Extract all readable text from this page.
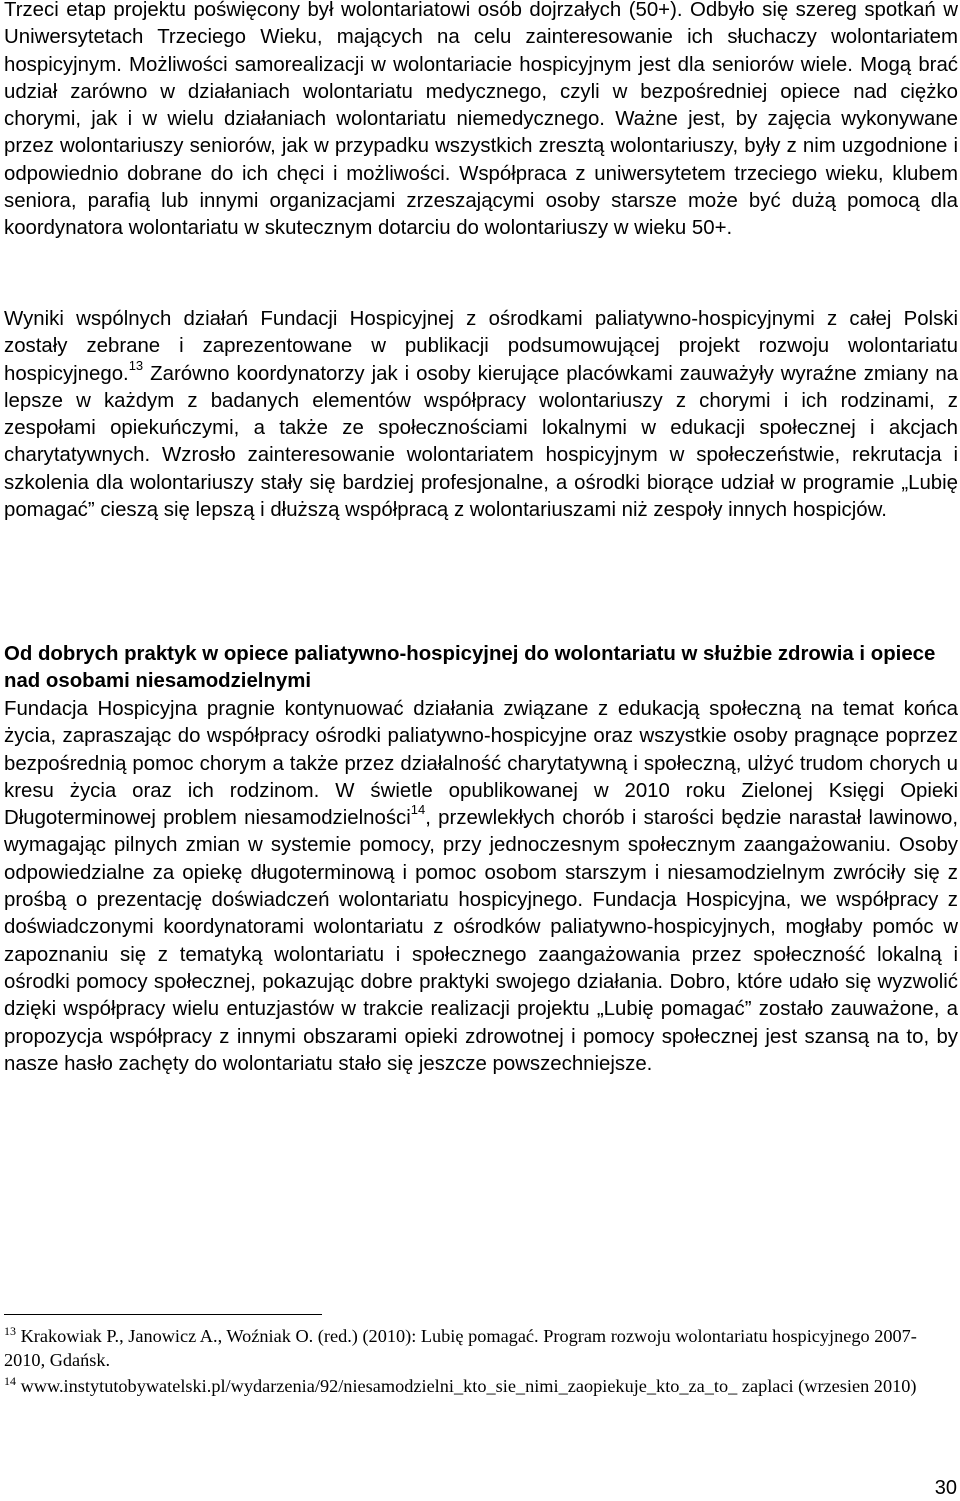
Trzeci etap projektu poświęcony był wolontariatowi osób dojrzałych (50+). Odbyło się szereg spotkań w Uniwersytetach Trzeciego Wieku, mających na celu zainteresowanie ich słuchaczy wolontariatem hospicyjnym. Możliwości samorealizacji w wolontariacie hospicyjnym jest dla seniorów wiele. Mogą brać udział zarówno w działaniach wolontariatu medycznego, czyli w bezpośredniej opiece nad ciężko chorymi, jak i w wielu działaniach wolontariatu niemedycznego. Ważne jest, by zajęcia wykonywane przez wolontariuszy seniorów, jak w przypadku wszystkich zresztą wolontariuszy, były z nim uzgodnione i odpowiednio dobrane do ich chęci i możliwości. Współpraca z uniwersytetem trzeciego wieku, klubem seniora, parafią lub innymi organizacjami zrzeszającymi osoby starsze może być dużą pomocą dla koordynatora wolontariatu w skutecznym dotarciu do wolontariuszy w wieku 50+.

Wyniki wspólnych działań Fundacji Hospicyjnej z ośrodkami paliatywno-hospicyjnymi z całej Polski zostały zebrane i zaprezentowane w publikacji podsumowującej projekt rozwoju wolontariatu hospicyjnego.$^{13}$ Zarówno koordynatorzy jak i osoby kierujące placówkami zauważyły wyraźne zmiany na lepsze w każdym z badanych elementów współpracy wolontariuszy z chorymi i ich rodzinami, z zespołami opiekuńczymi, a także ze społecznościami lokalnymi w edukacji społecznej i akcjach charytatywnych. Wzrosło zainteresowanie wolontariatem hospicyjnym w społeczeństwie, rekrutacja i szkolenia dla wolontariuszy stały się bardziej profesjonalne, a ośrodki biorące udział w programie „Lubię pomagać” cieszą się lepszą i dłuższą współpracą z wolontariuszami niż zespoły innych hospicjów.

Od dobrych praktyk w opiece paliatywno-hospicyjnej do wolontariatu w służbie zdrowia i opiece nad osobami niesamodzielnymi

Fundacja Hospicyjna pragnie kontynuować działania związane z edukacją społeczną na temat końca życia, zapraszając do współpracy ośrodki paliatywno-hospicyjne oraz wszystkie osoby pragnące poprzez bezpośrednią pomoc chorym a także przez działalność charytatywną i społeczną, ulżyć trudom chorych u kresu życia oraz ich rodzinom. W świetle opublikowanej w 2010 roku Zielonej Księgi Opieki Długoterminowej problem niesamodzielności$^{14}$, przewlekłych chorób i starości będzie narastał lawinowo, wymagając pilnych zmian w systemie pomocy, przy jednoczesnym społecznym zaangażowaniu. Osoby odpowiedzialne za opiekę długoterminową i pomoc osobom starszym i niesamodzielnym zwróciły się z prośbą o prezentację doświadczeń wolontariatu hospicyjnego. Fundacja Hospicyjna, we współpracy z doświadczonymi koordynatorami wolontariatu z ośrodków paliatywno-hospicyjnych, mogłaby pomóc w zapoznaniu się z tematyką wolontariatu i społecznego zaangażowania przez społeczność lokalną i ośrodki pomocy społecznej, pokazując dobre praktyki swojego działania. Dobro, które udało się wyzwolić dzięki współpracy wielu entuzjastów w trakcie realizacji projektu „Lubię pomagać” zostało zauważone, a propozycja współpracy z innymi obszarami opieki zdrowotnej i pomocy społecznej jest szansą na to, by nasze hasło zachęty do wolontariatu stało się jeszcze powszechniejsze.

$^{13}$ Krakowiak P., Janowicz A., Woźniak O. (red.) (2010): Lubię pomagać. Program rozwoju wolontariatu hospicyjnego 2007-2010, Gdańsk.

$^{14}$ www.instytutobywatelski.pl/wydarzenia/92/niesamodzielni_kto_sie_nimi_zaopiekuje_kto_za_to_ zaplaci (wrzesien 2010)

30
